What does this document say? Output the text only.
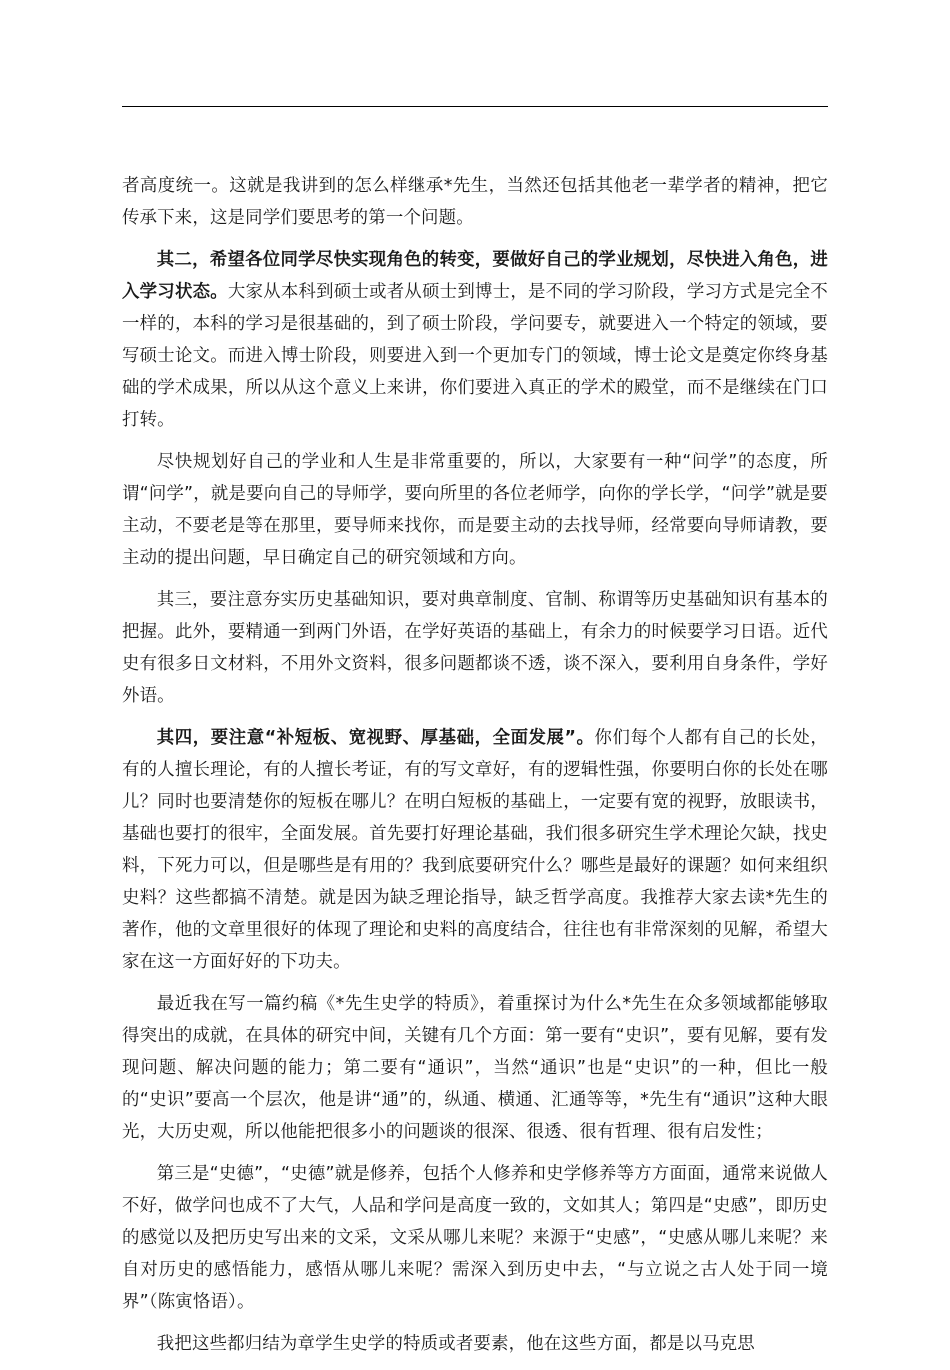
者高度统一。这就是我讲到的怎么样继承*先生，当然还包括其他老一辈学者的精神，把它传承下来，这是同学们要思考的第一个问题。

其二，希望各位同学尽快实现角色的转变，要做好自己的学业规划，尽快进入角色，进入学习状态。大家从本科到硕士或者从硕士到博士，是不同的学习阶段，学习方式是完全不一样的，本科的学习是很基础的，到了硕士阶段，学问要专，就要进入一个特定的领域，要写硕士论文。而进入博士阶段，则要进入到一个更加专门的领域，博士论文是奠定你终身基础的学术成果，所以从这个意义上来讲，你们要进入真正的学术的殿堂，而不是继续在门口打转。

尽快规划好自己的学业和人生是非常重要的，所以，大家要有一种“问学”的态度，所谓“问学”，就是要向自己的导师学，要向所里的各位老师学，向你的学长学，“问学”就是要主动，不要老是等在那里，要导师来找你，而是要主动的去找导师，经常要向导师请教，要主动的提出问题，早日确定自己的研究领域和方向。

其三，要注意夯实历史基础知识，要对典章制度、官制、称谓等历史基础知识有基本的把握。此外，要精通一到两门外语，在学好英语的基础上，有余力的时候要学习日语。近代史有很多日文材料，不用外文资料，很多问题都谈不透，谈不深入，要利用自身条件，学好外语。

其四，要注意“补短板、宽视野、厚基础，全面发展”。你们每个人都有自己的长处，有的人擅长理论，有的人擅长考证，有的写文章好，有的逻辑性强，你要明白你的长处在哪儿？同时也要清楚你的短板在哪儿？在明白短板的基础上，一定要有宽的视野，放眼读书，基础也要打的很牢，全面发展。首先要打好理论基础，我们很多研究生学术理论欠缺，找史料，下死力可以，但是哪些是有用的？我到底要研究什么？哪些是最好的课题？如何来组织史料？这些都搞不清楚。就是因为缺乏理论指导，缺乏哲学高度。我推荐大家去读*先生的著作，他的文章里很好的体现了理论和史料的高度结合，往往也有非常深刻的见解，希望大家在这一方面好好的下功夫。

最近我在写一篇约稿《*先生史学的特质》，着重探讨为什么*先生在众多领域都能够取得突出的成就，在具体的研究中间，关键有几个方面：第一要有“史识”，要有见解，要有发现问题、解决问题的能力；第二要有“通识”，当然“通识”也是“史识”的一种，但比一般的“史识”要高一个层次，他是讲“通”的，纵通、横通、汇通等等，*先生有“通识”这种大眼光，大历史观，所以他能把很多小的问题谈的很深、很透、很有哲理、很有启发性；

第三是“史德”，“史德”就是修养，包括个人修养和史学修养等方方面面，通常来说做人不好，做学问也成不了大气，人品和学问是高度一致的，文如其人；第四是“史感”，即历史的感觉以及把历史写出来的文采，文采从哪儿来呢？来源于“史感”，“史感从哪儿来呢？来自对历史的感悟能力，感悟从哪儿来呢？需深入到历史中去，“与立说之古人处于同一境界”（陈寅恪语）。

我把这些都归结为章学生史学的特质或者要素，他在这些方面，都是以马克思
